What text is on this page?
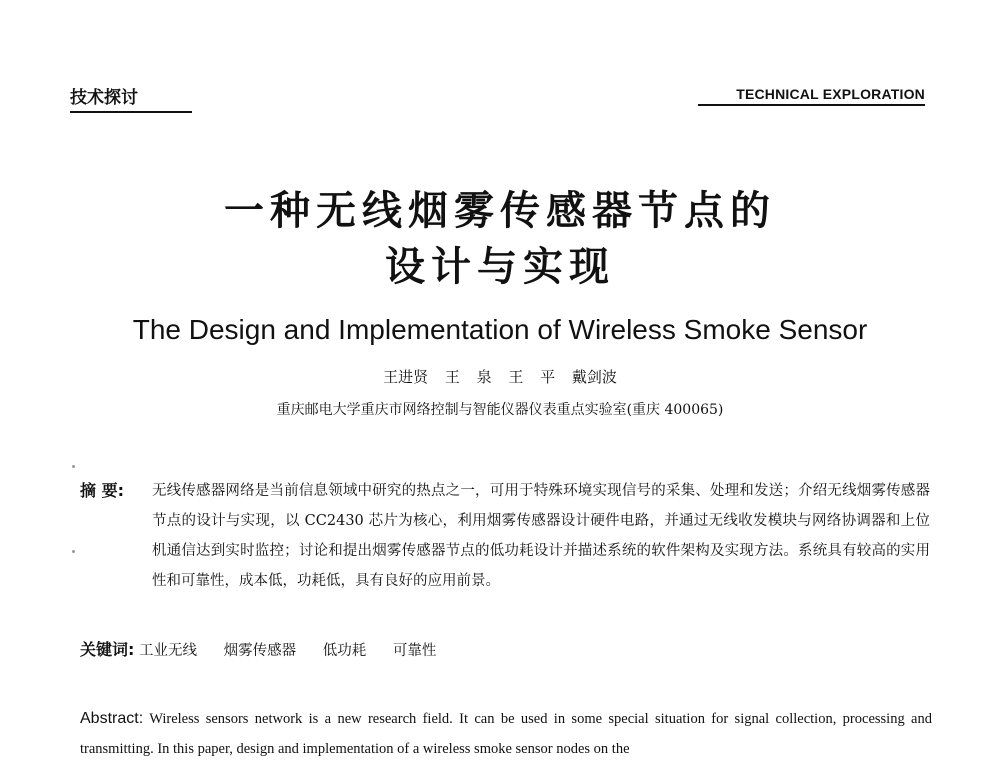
技术探讨	TECHNICAL EXPLORATION
一种无线烟雾传感器节点的
设计与实现
The Design and Implementation of Wireless Smoke Sensor
王进贤 王 泉 王 平 戴剑波
重庆邮电大学重庆市网络控制与智能仪器仪表重点实验室(重庆 400065)
摘 要:	无线传感器网络是当前信息领域中研究的热点之一，可用于特殊环境实现信号的采集、处理和发送；介绍无线烟雾传感器节点的设计与实现，以 CC2430 芯片为核心，利用烟雾传感器设计硬件电路，并通过无线收发模块与网络协调器和上位机通信达到实时监控；讨论和提出烟雾传感器节点的低功耗设计并描述系统的软件架构及实现方法。系统具有较高的实用性和可靠性，成本低，功耗低，具有良好的应用前景。
关键词: 工业无线 烟雾传感器 低功耗 可靠性
Abstract: Wireless sensors network is a new research field. It can be used in some special situation for signal collection, processing and transmitting. In this paper, design and implementation of a wireless smoke sensor nodes on the
